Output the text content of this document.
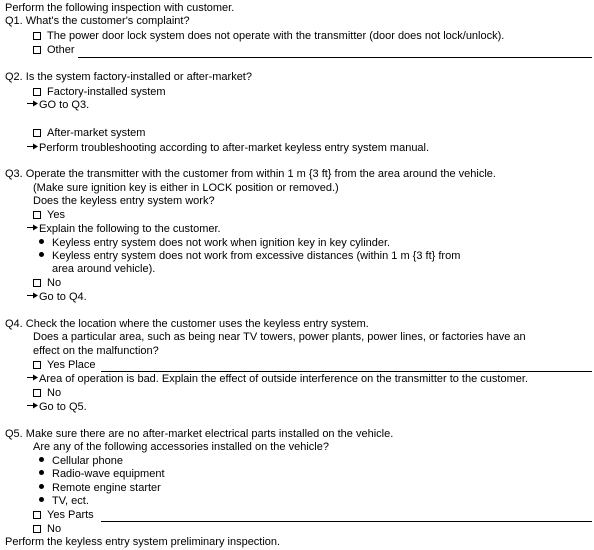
Perform the following inspection with customer.
Q1. What's the customer's complaint?
The power door lock system does not operate with the transmitter (door does not lock/unlock).
Other
Q2. Is the system factory-installed or after-market?
Factory-installed system
GO to Q3.
After-market system
Perform troubleshooting according to after-market keyless entry system manual.
Q3. Operate the transmitter with the customer from within 1 m {3 ft} from the area around the vehicle.
(Make sure ignition key is either in LOCK position or removed.)
Does the keyless entry system work?
Yes
Explain the following to the customer.
Keyless entry system does not work when ignition key in key cylinder.
Keyless entry system does not work from excessive distances (within 1 m {3 ft} from
area around vehicle).
No
Go to Q4.
Q4. Check the location where the customer uses the keyless entry system.
Does a particular area, such as being near TV towers, power plants, power lines, or factories have an
effect on the malfunction?
Yes Place
Area of operation is bad. Explain the effect of outside interference on the transmitter to the customer.
No
Go to Q5.
Q5. Make sure there are no after-market electrical parts installed on the vehicle.
Are any of the following accessories installed on the vehicle?
Cellular phone
Radio-wave equipment
Remote engine starter
TV, ect.
Yes Parts
No
Perform the keyless entry system preliminary inspection.
